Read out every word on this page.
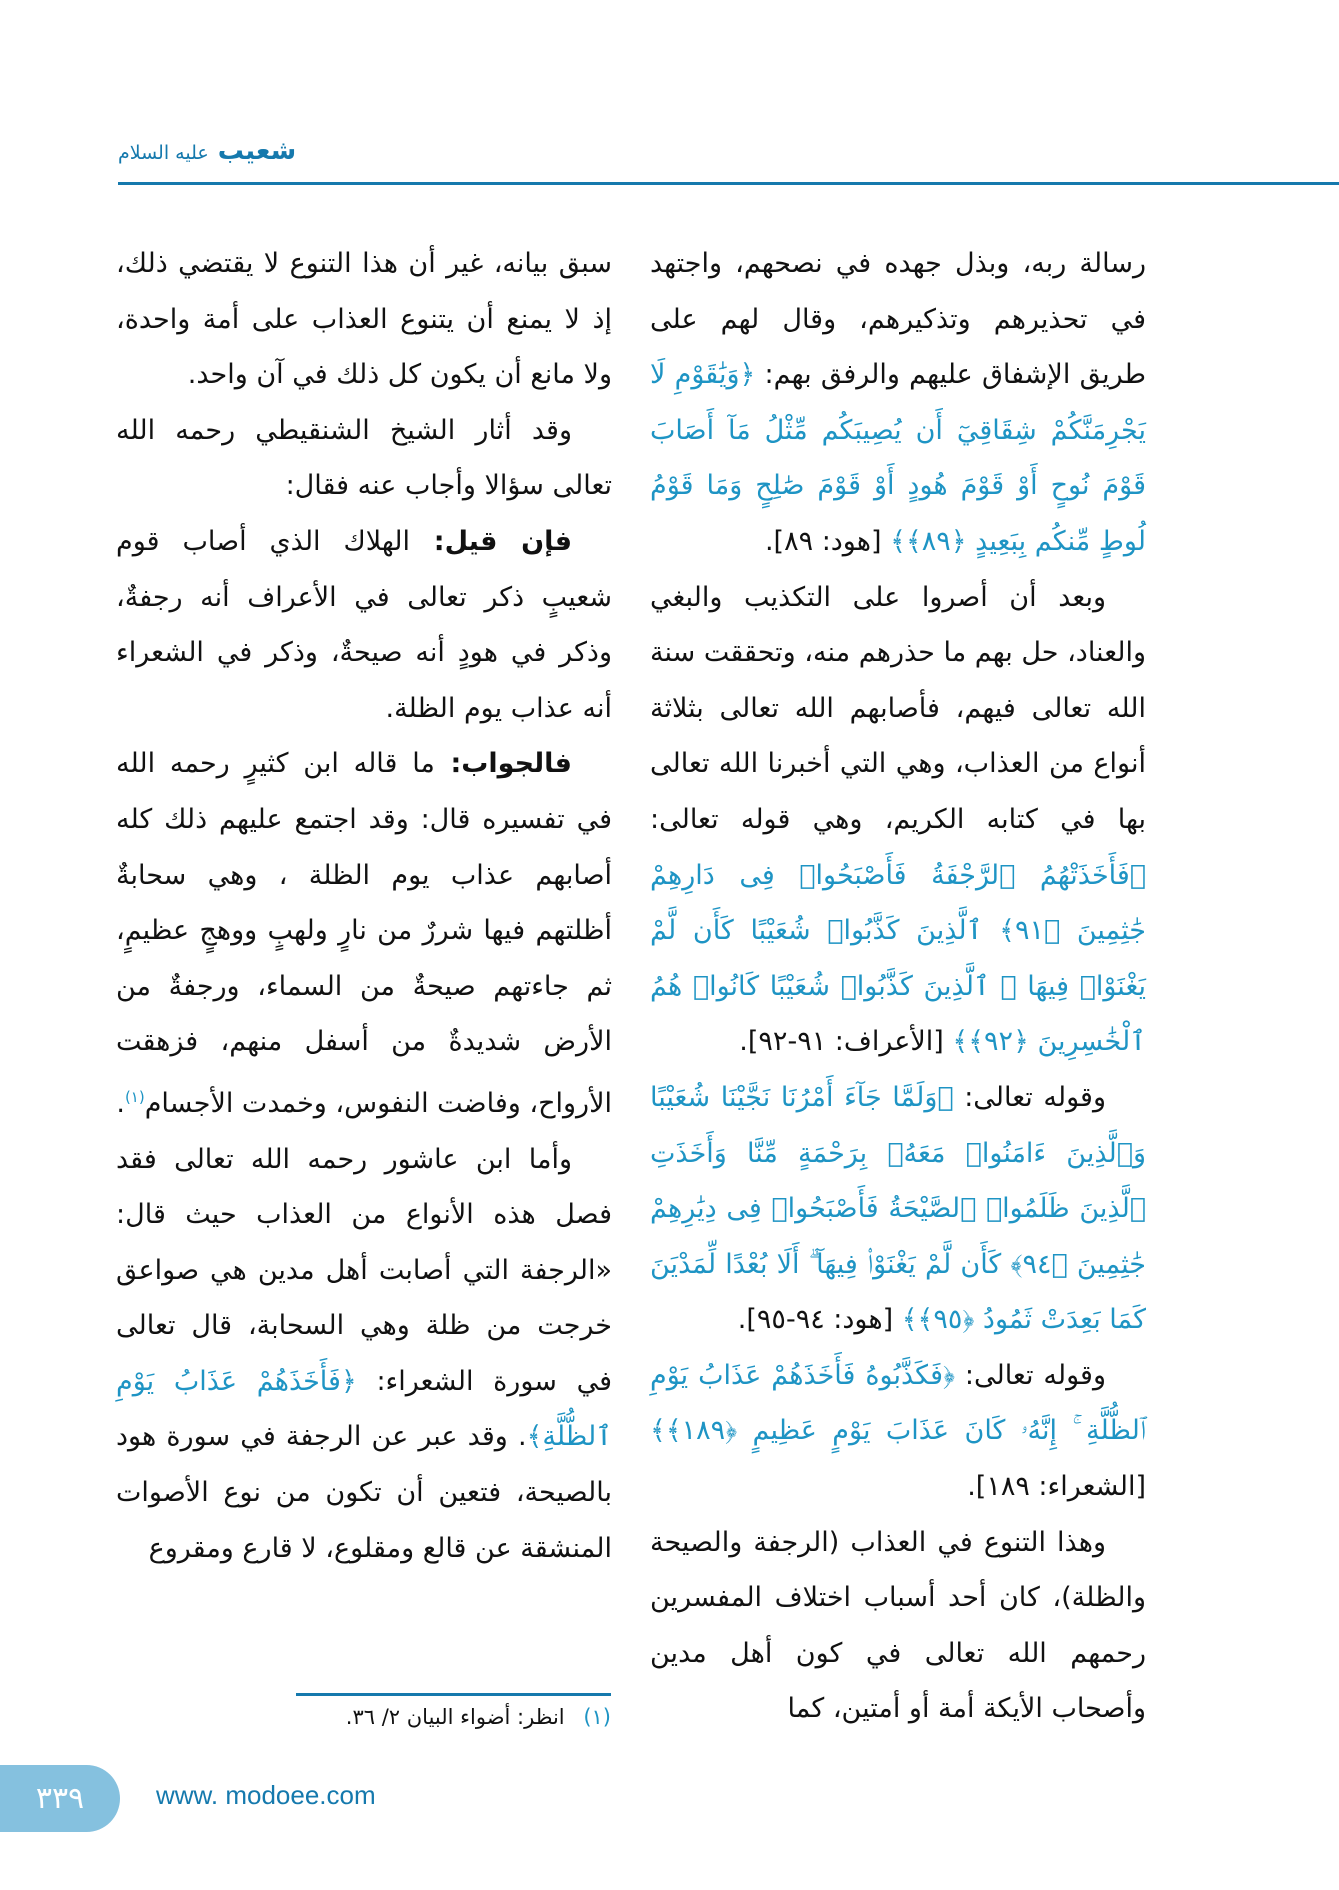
شعيب عليه السلام

رسالة ربه، وبذل جهده في نصحهم، واجتهد في تحذيرهم وتذكيرهم، وقال لهم على طريق الإشفاق عليهم والرفق بهم: ﴿وَيَٰقَوْمِ لَا يَجْرِمَنَّكُمْ شِقَاقِيٓ أَن يُصِيبَكُم مِّثْلُ مَآ أَصَابَ قَوْمَ نُوحٍ أَوْ قَوْمَ هُودٍ أَوْ قَوْمَ صَٰلِحٍ وَمَا قَوْمُ لُوطٍ مِّنكُم بِبَعِيدٍ ﴿٨٩﴾﴾ [هود: ٨٩].

وبعد أن أصروا على التكذيب والبغي والعناد، حل بهم ما حذرهم منه، وتحققت سنة الله تعالى فيهم، فأصابهم الله تعالى بثلاثة أنواع من العذاب، وهي التي أخبرنا الله تعالى بها في كتابه الكريم، وهي قوله تعالى: ﴿فَأَخَذَتْهُمُ ٱلرَّجْفَةُ فَأَصْبَحُوا۟ فِى دَارِهِمْ جَٰثِمِينَ ﴿٩١﴾ ٱلَّذِينَ كَذَّبُوا۟ شُعَيْبًا كَأَن لَّمْ يَغْنَوْا۟ فِيهَا ۚ ٱلَّذِينَ كَذَّبُوا۟ شُعَيْبًا كَانُوا۟ هُمُ ٱلْخَٰسِرِينَ ﴿٩٢﴾﴾ [الأعراف: ٩١-٩٢].

وقوله تعالى: ﴿وَلَمَّا جَآءَ أَمْرُنَا نَجَّيْنَا شُعَيْبًا وَٱلَّذِينَ ءَامَنُوا۟ مَعَهُۥ بِرَحْمَةٍ مِّنَّا وَأَخَذَتِ ٱلَّذِينَ ظَلَمُوا۟ ٱلصَّيْحَةُ فَأَصْبَحُوا۟ فِى دِيَٰرِهِمْ جَٰثِمِينَ ﴿٩٤﴾ كَأَن لَّمْ يَغْنَوْا۟ فِيهَآ ۗ أَلَا بُعْدًا لِّمَدْيَنَ كَمَا بَعِدَتْ ثَمُودُ ﴿٩٥﴾﴾ [هود: ٩٤-٩٥].

وقوله تعالى: ﴿فَكَذَّبُوهُ فَأَخَذَهُمْ عَذَابُ يَوْمِ ٱلظُّلَّةِ ۚ إِنَّهُۥ كَانَ عَذَابَ يَوْمٍ عَظِيمٍ ﴿١٨٩﴾﴾ [الشعراء: ١٨٩].

وهذا التنوع في العذاب (الرجفة والصيحة والظلة)، كان أحد أسباب اختلاف المفسرين رحمهم الله تعالى في كون أهل مدين وأصحاب الأيكة أمة أو أمتين، كما

سبق بيانه، غير أن هذا التنوع لا يقتضي ذلك، إذ لا يمنع أن يتنوع العذاب على أمة واحدة، ولا مانع أن يكون كل ذلك في آن واحد.

وقد أثار الشيخ الشنقيطي رحمه الله تعالى سؤالا وأجاب عنه فقال:

فإن قيل: الهلاك الذي أصاب قوم شعيبٍ ذكر تعالى في الأعراف أنه رجفةٌ، وذكر في هودٍ أنه صيحةٌ، وذكر في الشعراء أنه عذاب يوم الظلة.

فالجواب: ما قاله ابن كثيرٍ رحمه الله في تفسيره قال: وقد اجتمع عليهم ذلك كله أصابهم عذاب يوم الظلة ، وهي سحابةٌ أظلتهم فيها شررٌ من نارٍ ولهبٍ ووهجٍ عظيمٍ، ثم جاءتهم صيحةٌ من السماء، ورجفةٌ من الأرض شديدةٌ من أسفل منهم، فزهقت الأرواح، وفاضت النفوس، وخمدت الأجسام$^{(١)}$.

وأما ابن عاشور رحمه الله تعالى فقد فصل هذه الأنواع من العذاب حيث قال: «الرجفة التي أصابت أهل مدين هي صواعق خرجت من ظلة وهي السحابة، قال تعالى في سورة الشعراء: ﴿فَأَخَذَهُمْ عَذَابُ يَوْمِ ٱلظُّلَّةِ﴾. وقد عبر عن الرجفة في سورة هود بالصيحة، فتعين أن تكون من نوع الأصوات المنشقة عن قالع ومقلوع، لا قارع ومقروع

(١) انظر: أضواء البيان ٢/ ٣٦.
٣٣٩	www. modoee.com
